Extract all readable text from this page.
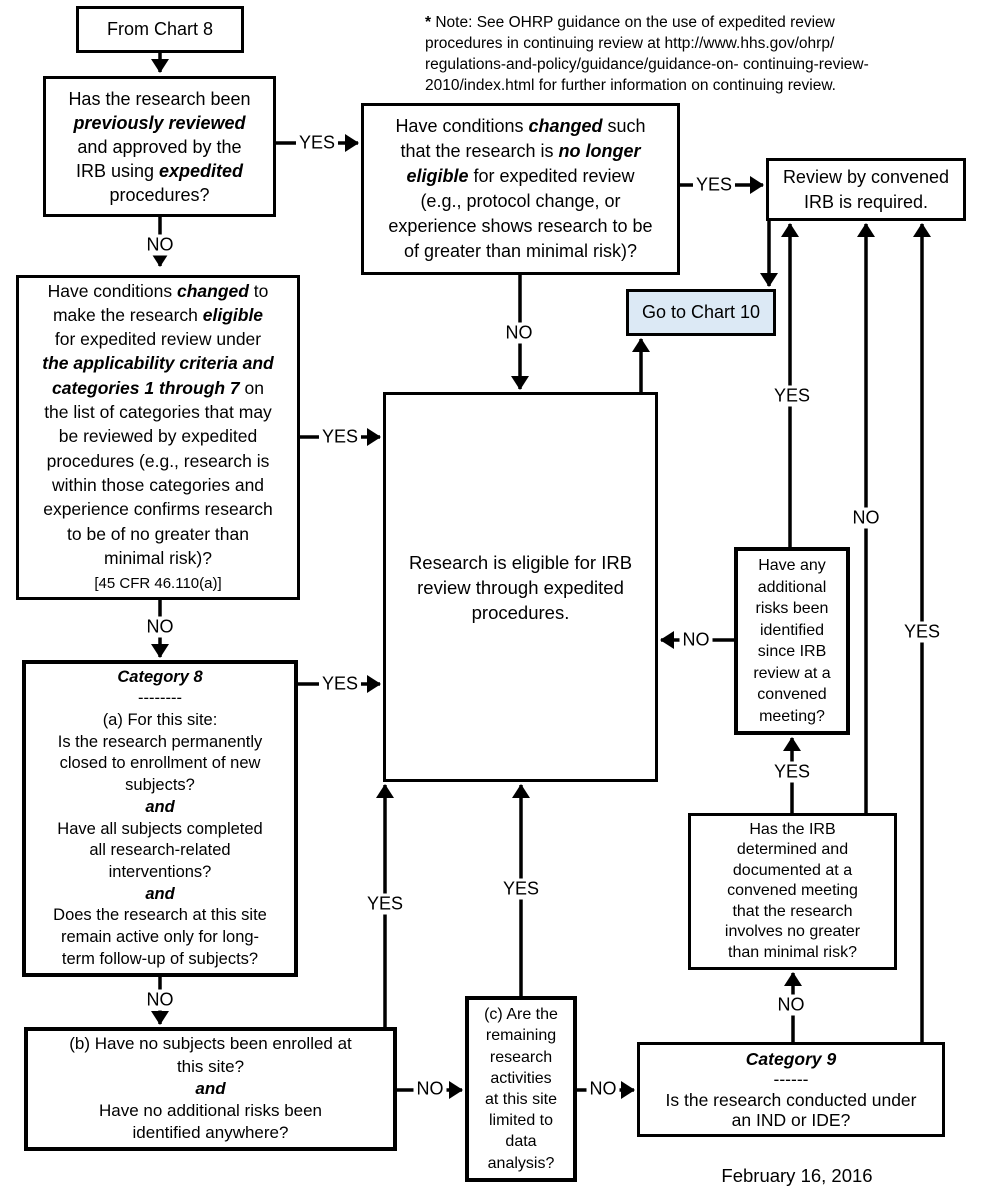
* Note: See OHRP guidance on the use of expedited review
procedures in continuing review at http://www.hhs.gov/ohrp/
regulations-and-policy/guidance/guidance-on- continuing-review-
2010/index.html for further information on continuing review.
From Chart 8
Has the research been
previously reviewed
and approved by the
IRB using expedited
procedures?
Have conditions changed such
that the research is no longer
eligible for expedited review
(e.g., protocol change, or
experience shows research to be
of greater than minimal risk)?
Review by convened
IRB is required.
Go to Chart 10
Have conditions changed to
make the research eligible
for expedited review under
the applicability criteria and
categories 1 through 7 on
the list of categories that may
be reviewed by expedited
procedures (e.g., research is
within those categories and
experience confirms research
to be of no greater than
minimal risk)?
[45 CFR 46.110(a)]
Research is eligible for IRB
review through expedited
procedures.
Category 8
--------
(a) For this site:
Is the research permanently
closed to enrollment of new
subjects?
and
Have all subjects completed
all research-related
interventions?
and
Does the research at this site
remain active only for long-
term follow-up of subjects?
(b) Have no subjects been enrolled at
this site?
and
Have no additional risks been
identified anywhere?
(c) Are the
remaining
research
activities
at this site
limited to
data
analysis?
Have any
additional
risks been
identified
since IRB
review at a
convened
meeting?
Has the IRB
determined and
documented at a
convened meeting
that the research
involves no greater
than minimal risk?
Category 9
------
Is the research conducted under
an IND or IDE?
February 16, 2016
YES
NO
YES
NO
YES
NO
YES
NO
YES
YES
NO	NO
NO
YES
NO
YES
NO
YES
